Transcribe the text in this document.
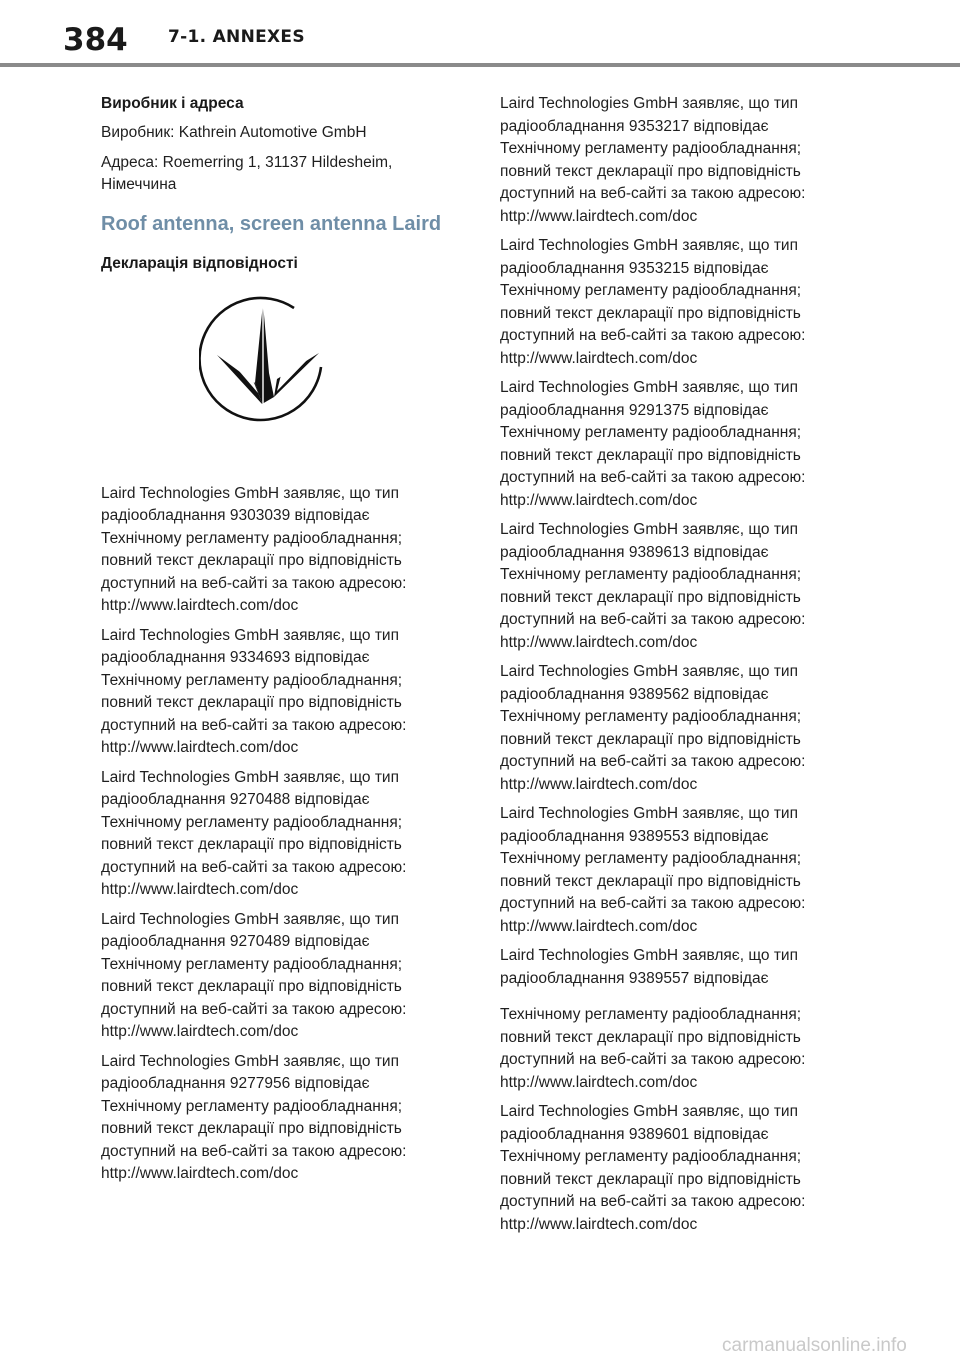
384 7-1. ANNEXES

Виробник і адреса

Виробник: Kathrein Automotive GmbH

Адреса: Roemerring 1, 31137 Hildesheim,
Німеччина

Roof antenna, screen antenna Laird

Декларація відповідності

Laird Technologies GmbH заявляє, що тип
радіообладнання 9303039 відповідає
Технічному регламенту радіообладнання;
повний текст декларації про відповідність
доступний на веб-сайті за такою адресою:
http://www.lairdtech.com/doc

Laird Technologies GmbH заявляє, що тип
радіообладнання 9334693 відповідає
Технічному регламенту радіообладнання;
повний текст декларації про відповідність
доступний на веб-сайті за такою адресою:
http://www.lairdtech.com/doc

Laird Technologies GmbH заявляє, що тип
радіообладнання 9270488 відповідає
Технічному регламенту радіообладнання;
повний текст декларації про відповідність
доступний на веб-сайті за такою адресою:
http://www.lairdtech.com/doc

Laird Technologies GmbH заявляє, що тип
радіообладнання 9270489 відповідає
Технічному регламенту радіообладнання;
повний текст декларації про відповідність
доступний на веб-сайті за такою адресою:
http://www.lairdtech.com/doc

Laird Technologies GmbH заявляє, що тип
радіообладнання 9277956 відповідає
Технічному регламенту радіообладнання;
повний текст декларації про відповідність
доступний на веб-сайті за такою адресою:
http://www.lairdtech.com/doc

Laird Technologies GmbH заявляє, що тип
радіообладнання 9353217 відповідає
Технічному регламенту радіообладнання;
повний текст декларації про відповідність
доступний на веб-сайті за такою адресою:
http://www.lairdtech.com/doc

Laird Technologies GmbH заявляє, що тип
радіообладнання 9353215 відповідає
Технічному регламенту радіообладнання;
повний текст декларації про відповідність
доступний на веб-сайті за такою адресою:
http://www.lairdtech.com/doc

Laird Technologies GmbH заявляє, що тип
радіообладнання 9291375 відповідає
Технічному регламенту радіообладнання;
повний текст декларації про відповідність
доступний на веб-сайті за такою адресою:
http://www.lairdtech.com/doc

Laird Technologies GmbH заявляє, що тип
радіообладнання 9389613 відповідає
Технічному регламенту радіообладнання;
повний текст декларації про відповідність
доступний на веб-сайті за такою адресою:
http://www.lairdtech.com/doc

Laird Technologies GmbH заявляє, що тип
радіообладнання 9389562 відповідає
Технічному регламенту радіообладнання;
повний текст декларації про відповідність
доступний на веб-сайті за такою адресою:
http://www.lairdtech.com/doc

Laird Technologies GmbH заявляє, що тип
радіообладнання 9389553 відповідає
Технічному регламенту радіообладнання;
повний текст декларації про відповідність
доступний на веб-сайті за такою адресою:
http://www.lairdtech.com/doc

Laird Technologies GmbH заявляє, що тип
радіообладнання 9389557 відповідає
Технічному регламенту радіообладнання;
повний текст декларації про відповідність
доступний на веб-сайті за такою адресою:
http://www.lairdtech.com/doc

Laird Technologies GmbH заявляє, що тип
радіообладнання 9389601 відповідає
Технічному регламенту радіообладнання;
повний текст декларації про відповідність
доступний на веб-сайті за такою адресою:
http://www.lairdtech.com/doc

carmanualsonline.info
